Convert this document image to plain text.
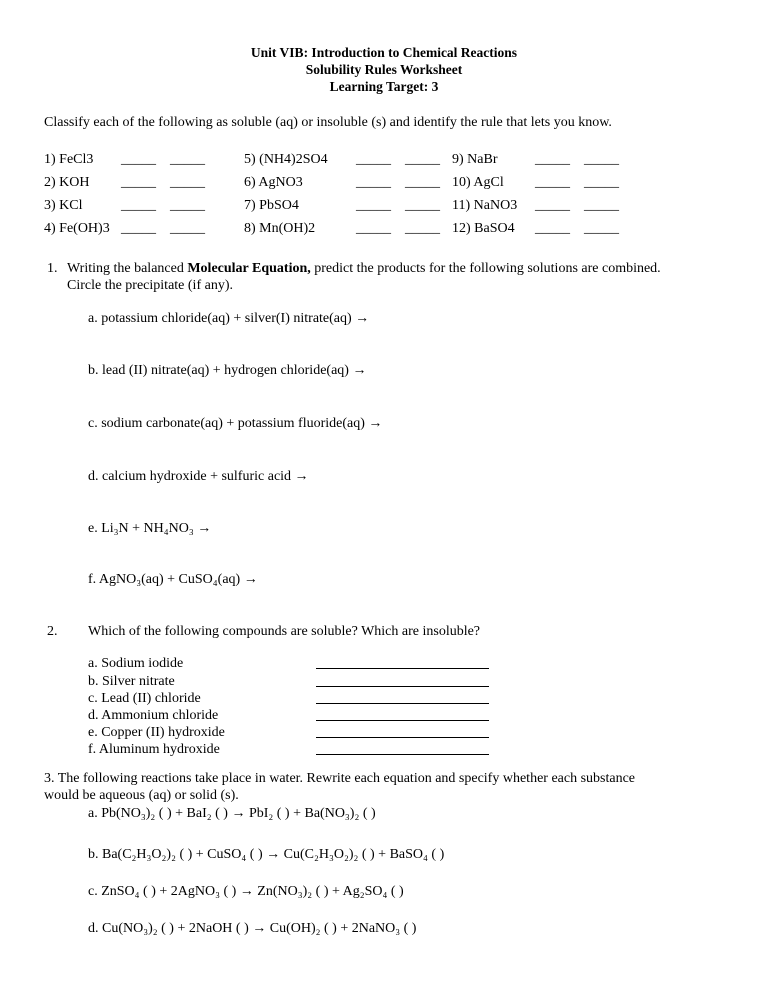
Unit VIB: Introduction to Chemical Reactions
Solubility Rules Worksheet
Learning Target: 3
Classify each of the following as soluble (aq) or insoluble (s) and identify the rule that lets you know.
1) FeCl3
2) KOH
3) KCl
4) Fe(OH)3
_____ _____
_____ _____
_____ _____
_____ _____
5) (NH4)2SO4
6) AgNO3
7) PbSO4
8) Mn(OH)2
_____ _____
_____ _____
_____ _____
_____ _____
9) NaBr
10) AgCl
11) NaNO3
12) BaSO4
_____ _____
_____ _____
_____ _____
_____ _____
1. Writing the balanced Molecular Equation, predict the products for the following solutions are combined.
Circle the precipitate (if any).
a. potassium chloride(aq) + silver(I) nitrate(aq) →
b. lead (II) nitrate(aq) + hydrogen chloride(aq) →
c. sodium carbonate(aq) + potassium fluoride(aq) →
d. calcium hydroxide + sulfuric acid →
e. Li₃N + NH₄NO₃ →
f. AgNO₃(aq) + CuSO₄(aq) →
2. Which of the following compounds are soluble? Which are insoluble?
a. Sodium iodide
b. Silver nitrate
c. Lead (II) chloride
d. Ammonium chloride
e. Copper (II) hydroxide
f. Aluminum hydroxide
3. The following reactions take place in water. Rewrite each equation and specify whether each substance
would be aqueous (aq) or solid (s).
a. Pb(NO₃)₂ ( ) + BaI₂ ( ) → PbI₂ ( ) + Ba(NO₃)₂ ( )
b. Ba(C₂H₃O₂)₂ ( ) + CuSO₄ ( ) → Cu(C₂H₃O₂)₂ ( ) + BaSO₄ ( )
c. ZnSO₄ ( ) + 2AgNO₃ ( ) → Zn(NO₃)₂ ( ) + Ag₂SO₄ ( )
d. Cu(NO₃)₂ ( ) + 2NaOH ( ) → Cu(OH)₂ ( ) + 2NaNO₃ ( )
